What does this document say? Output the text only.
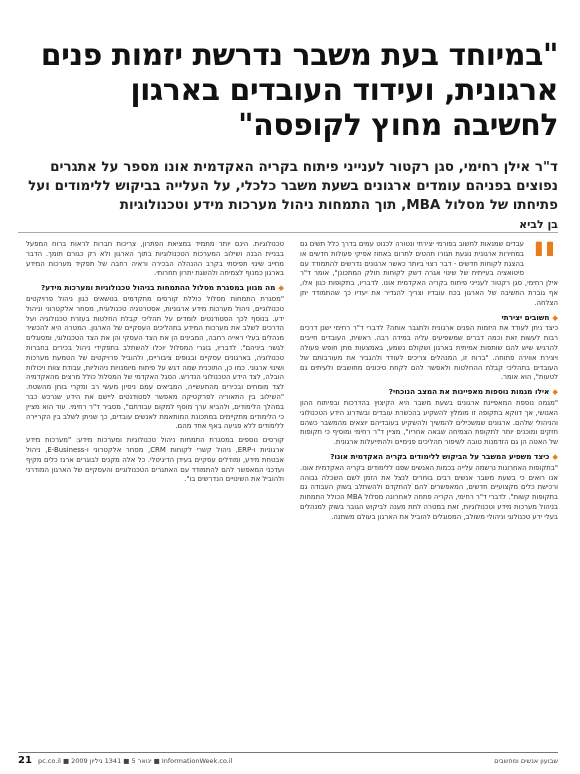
"במיוחד בעת משבר נדרשת יזמות פנים ארגונית, ועידוד העובדים בארגון לחשיבה מחוץ לקופסה"
ד"ר אילן רחימי, סגן רקטור לענייני פיתוח בקריה האקדמית אונו מספר על אתגרים נפוצים בפניהם עומדים ארגונים בשעת משבר כלכלי, על העלייה בביקוש ללימודים ועל פתיחתו של מסלול MBA, תוך התמחות ניהול מערכות מידע וטכנולוגיות
בן לביא
"

עבדים שמנאות לחשוב בפורמי יצירתי ונטורה לכנוט עמים בדרך כלל תשים גם במחירות ארגונית נוגעת תגורו תהטים לתרום באחוז אפיקי פעולות חדשים או בהצגת לקוחות חדשים - דבר רצוי ביותר כאשר ארגונים נדרשים להתמודד עם סיטואציה בעייתית של שינוי אגרה דשק לקוחות תולק המתכונן", אומר ד"ר אילן רחימי, סגן רקטור לענייני פיתוח בקריה האקדמית אונו. לדבריו, בתקופות כגון אלו, אף גוברת החשיבה של הארגון בכח עובדיו וצריך להגדיר את יעדיו כך שהתמודד יתן הצלחה.

◆חשובים יצירתי

כיצד ניתן לעודד את היזמות הפנים ארגונית ולתגבר אותה? לדברי ד"ר רחימי ישנן דרכים רבות לעשות זאת וכמה דברים שמשפיעים עליה במידה רבה. ראשית, העובדים חייבים להרגיש שיש להם שותפות אמיתית בארגון ושקולם נשמע, באמצעות מתן חופש פעולה ויצירת אווירה פתוחה. "ברוח זו, המנהלים צריכים לעודד ולהגביר את מעורבותם של העובדים בתהליכי קבלת ההחלטות ולאפשר להם לקחת סיכונים מחושבים ולעיתים גם לטעות", הוא אומר.

◆אילו מגמות נוספות מאפיינות את המצב הנוכחי?

"מגמה נוספת המאפיינת ארגונים בשעת משבר היא הקיצוץ בהדרכות ובפיתוח ההון האנושי, אך דווקא בתקופה זו מומלץ להשקיע בהכשרת עובדים ובשדרוג הידע הטכנולוגי והניהולי שלהם. ארגונים שמשכילים להמשיך ולהשקיע בעובדיהם יוצאים מהמשבר כשהם חזקים ומוכנים יותר לתקופת הצמיחה שבאה אחריו", מציין ד"ר רחימי ומוסיף כי תקופות של האטה הן גם הזדמנות טובה לשיפור תהליכים פנימיים ולהתייעלות ארגונית.

◆כיצד משפיע המשבר על הביקוש ללימודים בקריה האקדמית אונו?

"בתקופות האחרונות נרשמה עלייה בכמות האנשים שפנו ללימודים בקריה האקדמית אונו. אנו רואים כי בשעת משבר אנשים רבים בוחרים לנצל את הזמן לשם השכלה גבוהה ורכישת כלים מקצועיים חדשים, המאפשרים להם להתקדם ולהשתלב בשוק העבודה גם בתקופות קשות". לדברי ד"ר רחימי, הקריה פתחה לאחרונה מסלול MBA הכולל התמחות בניהול מערכות מידע וטכנולוגיות, זאת במטרה לתת מענה לביקוש הגובר בשוק למנהלים בעלי ידע טכנולוגי וניהולי משולב, המסוגלים להוביל את הארגון בעולם משתנה.

טכנולוגיות. הינם יותר מתמיד במציאת הפתרון, צריכות חברות לראות ברוח המפעל בבניית הבנה ושילוב המערכות הטכנולוגיות בתוך הארגון ולא רק כגורם תומך. הדבר מחייב שינוי תפיסתי בקרב ההנהלה הבכירה וראיה רחבה של תפקיד מערכות המידע בארגון כמנוף לצמיחה ולהשגת יתרון תחרותי.

◆מה מגוון במסגרת מסלול ההתמחות בניהול טכנולוגיות ומערכות מידע?

"מסגרת התמחות מסלול כוללת קורסים מתקדמים בנושאים כגון ניהול פרויקטים טכנולוגיים, ניהול מערכות מידע ארגוניות, אסטרטגיה טכנולוגית, מסחר אלקטרוני וניהול ידע. בנוסף לכך הסטודנטים לומדים על תהליכי קבלת החלטות בעזרת טכנולוגיה ועל הדרכים לשלב את מערכות המידע בתהליכים העסקיים של הארגון. המטרה היא להכשיר מנהלים בעלי ראייה רחבה, המבינים הן את הצד העסקי והן את הצד הטכנולוגי, ומסוגלים לגשר ביניהם". לדבריו, בוגרי המסלול יוכלו להשתלב בתפקידי ניהול בכירים בחברות טכנולוגיה, בארגונים עסקיים ובגופים ציבוריים, ולהוביל פרויקטים של הטמעת מערכות ושינוי ארגוני. כמו כן, התוכנית שמה דגש על פיתוח מיומנויות ניהוליות, עבודת צוות ויכולות הובלה, לצד הידע הטכנולוגי הנדרש. הסגל האקדמי של המסלול כולל מרצים מהאקדמיה לצד מומחים ובכירים מהתעשייה, המביאים עמם ניסיון מעשי רב ומקרי בוחן מהשטח. "השילוב בין התאוריה לפרקטיקה מאפשר לסטודנטים ליישם את הידע שנרכש כבר במהלך הלימודים, ולהביא ערך מוסף למקום עבודתם", מסביר ד"ר רחימי. עוד הוא מציין כי הלימודים מתקיימים במתכונת המותאמת לאנשים עובדים, כך שניתן לשלב בין הקריירה ללימודים ללא פגיעה באף אחד מהם.

קורסים נוספים במסגרת התמחות ניהול טכנולוגיות ומערכות מידע: "מערכות מידע ארגוניות ו-ERP, ניהול קשרי לקוחות CRM, מסחר אלקטרוני ו-E-Business, ניהול אבטחת מידע, ומודלים עסקיים בעידן הדיגיטלי. כל אלה מקנים לבוגרים ארגז כלים מקיף ועדכני המאפשר להם להתמודד עם האתגרים הטכנולוגיים והעסקיים של הארגון המודרני ולהוביל את השינויים הנדרשים בו".

21 pc.co.il ■ 2009 ינואר 5 ■ 1341 גיליון ■ InformationWeek.co.il	שבועון אנשים ומחשבים
